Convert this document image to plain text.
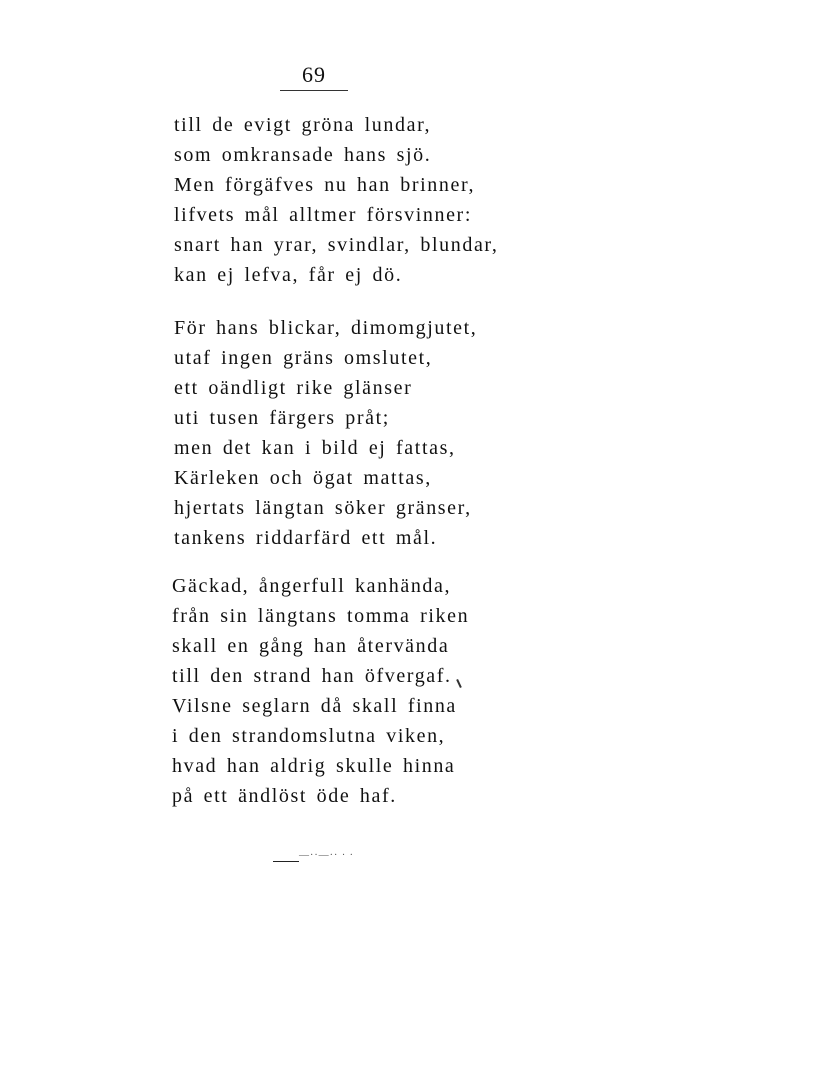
69
till de evigt gröna lundar,
som omkransade hans sjö.
Men förgäfves nu han brinner,
lifvets mål alltmer försvinner:
snart han yrar, svindlar, blundar,
kan ej lefva, får ej dö.
För hans blickar, dimomgjutet,
utaf ingen gräns omslutet,
ett oändligt rike glänser
uti tusen färgers pråt;
men det kan i bild ej fattas,
Kärleken och ögat mattas,
hjertats längtan söker gränser,
tankens riddarfärd ett mål.
Gäckad, ångerfull kanhända,
från sin längtans tomma riken
skall en gång han återvända
till den strand han öfvergaf.
Vilsne seglarn då skall finna
i den strandomslutna viken,
hvad han aldrig skulle hinna
på ett ändlöst öde haf.
—··—·· · ·
